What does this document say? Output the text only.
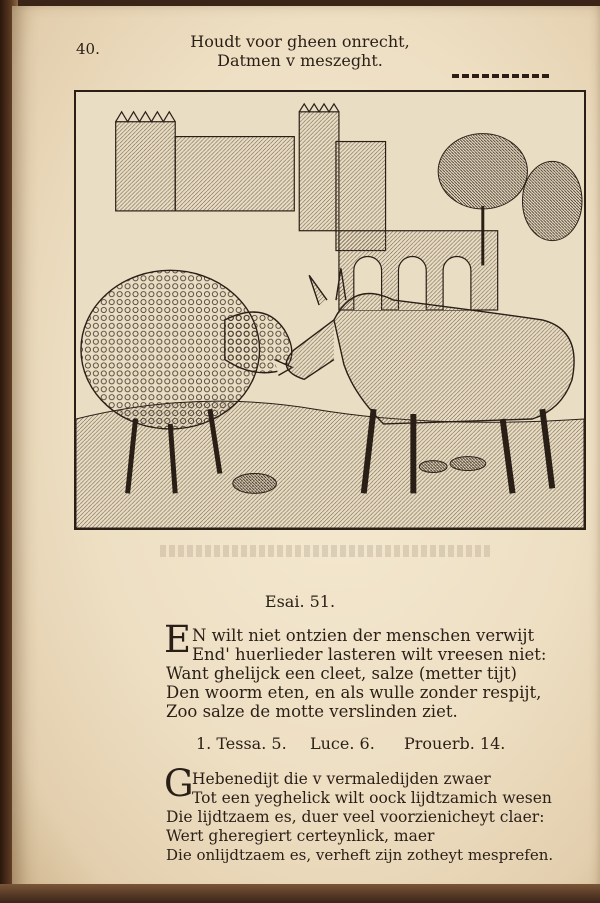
40.	Houdt voor gheen onrecht,
Datmen v meszeght.
Esai. 51.
E N wilt niet ontzien der menschen verwijt
End' huerlieder lasteren wilt vreesen niet:
Want ghelijck een cleet, salze (metter tijt)
Den woorm eten, en als wulle zonder respijt,
Zoo salze de motte verslinden ziet.
1. Tessa. 5. Luce. 6. Prouerb. 14.
G
Hebenedijt die v vermaledijden zwaer
Tot een yeghelick wilt oock lijdtzamich wesen
Die lijdtzaem es, duer veel voorzienicheyt claer:
Wert gheregiert certeynlick, maer
Die onlijdtzaem es, verheft zijn zotheyt mesprefen.
